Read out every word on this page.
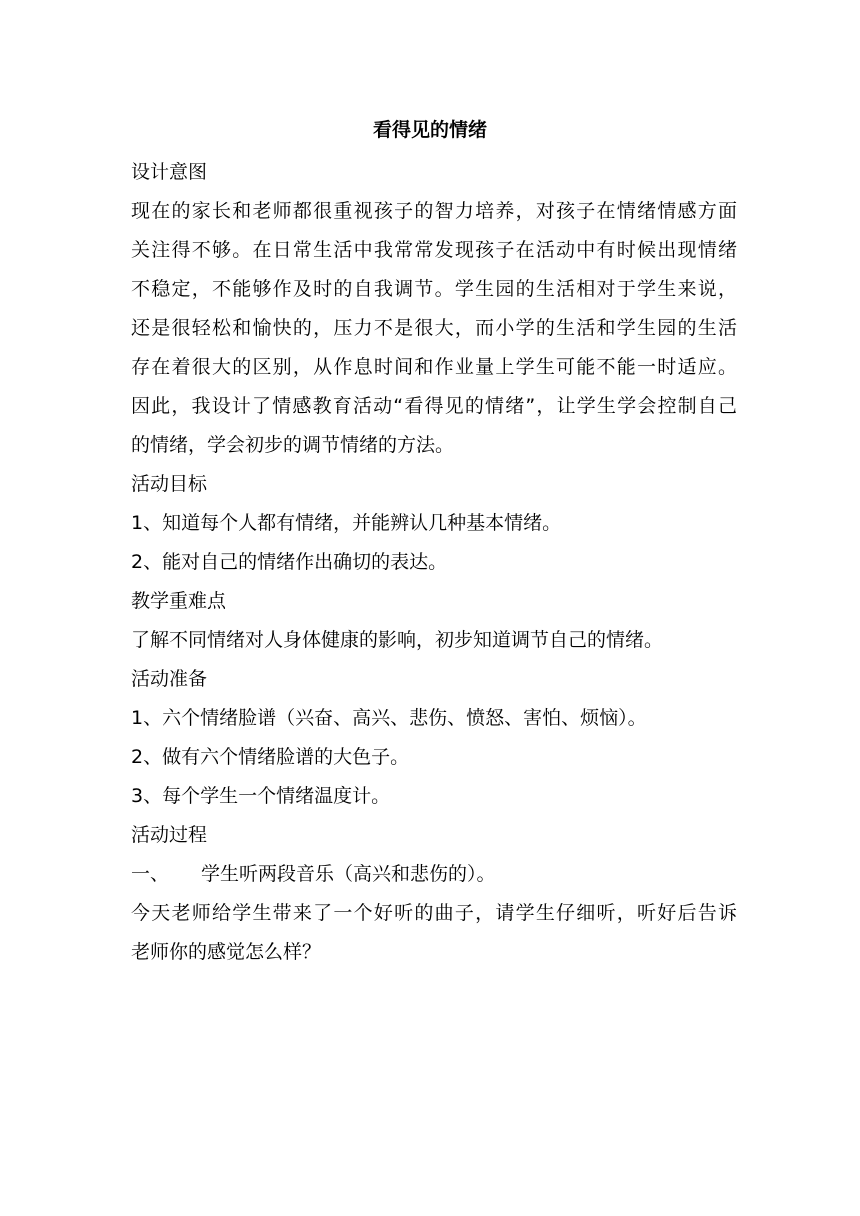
看得见的情绪
设计意图
现在的家长和老师都很重视孩子的智力培养，对孩子在情绪情感方面
关注得不够。在日常生活中我常常发现孩子在活动中有时候出现情绪
不稳定，不能够作及时的自我调节。学生园的生活相对于学生来说，
还是很轻松和愉快的，压力不是很大，而小学的生活和学生园的生活
存在着很大的区别，从作息时间和作业量上学生可能不能一时适应。
因此，我设计了情感教育活动“看得见的情绪”，让学生学会控制自己
的情绪，学会初步的调节情绪的方法。
活动目标
1、知道每个人都有情绪，并能辨认几种基本情绪。
2、能对自己的情绪作出确切的表达。
教学重难点
了解不同情绪对人身体健康的影响，初步知道调节自己的情绪。
活动准备
1、六个情绪脸谱（兴奋、高兴、悲伤、愤怒、害怕、烦恼）。
2、做有六个情绪脸谱的大色子。
3、每个学生一个情绪温度计。
活动过程
一、 学生听两段音乐（高兴和悲伤的）。
今天老师给学生带来了一个好听的曲子，请学生仔细听，听好后告诉
老师你的感觉怎么样？
